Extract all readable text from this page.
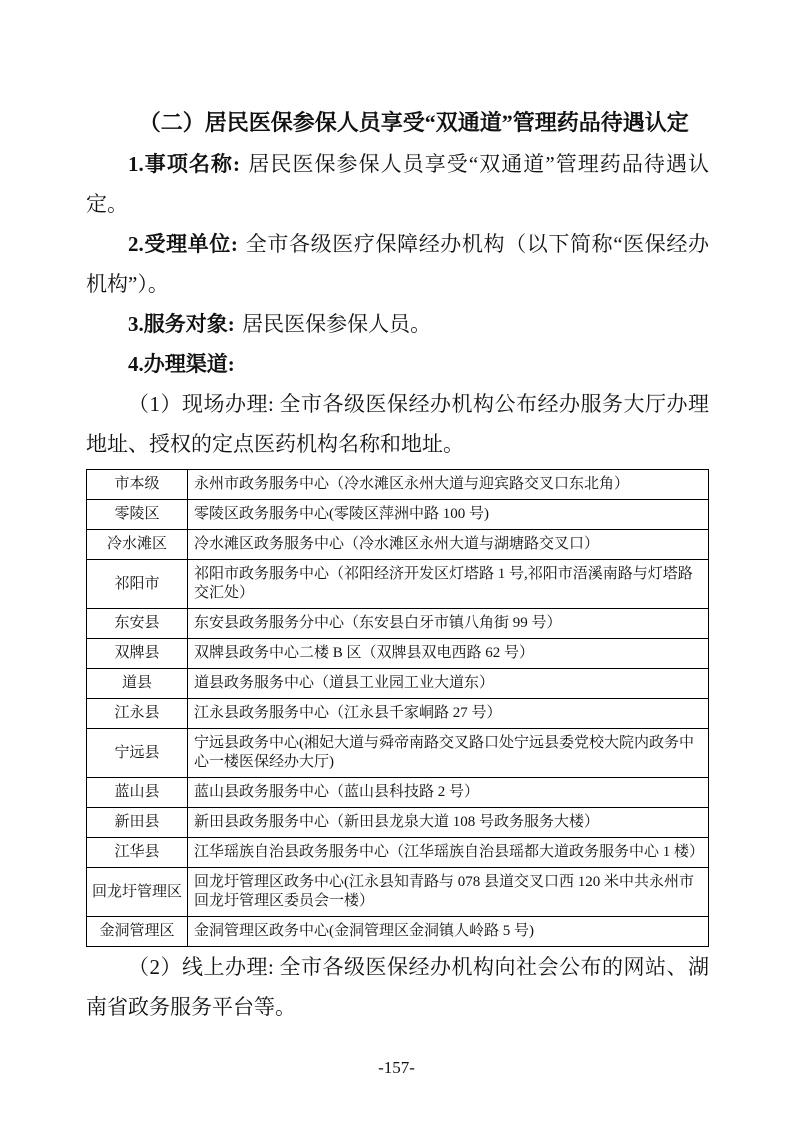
（二）居民医保参保人员享受“双通道”管理药品待遇认定

1.事项名称: 居民医保参保人员享受“双通道”管理药品待遇认定。

2.受理单位: 全市各级医疗保障经办机构（以下简称“医保经办机构”）。

3.服务对象: 居民医保参保人员。

4.办理渠道:

（1）现场办理: 全市各级医保经办机构公布经办服务大厅办理地址、授权的定点医药机构名称和地址。

市本级	永州市政务服务中心（冷水滩区永州大道与迎宾路交叉口东北角）
零陵区	零陵区政务服务中心(零陵区萍洲中路 100 号)
冷水滩区	冷水滩区政务服务中心（冷水滩区永州大道与湖塘路交叉口）
祁阳市	祁阳市政务服务中心（祁阳经济开发区灯塔路 1 号,祁阳市浯溪南路与灯塔路交汇处）
东安县	东安县政务服务分中心（东安县白牙市镇八角街 99 号）
双牌县	双牌县政务中心二楼 B 区（双牌县双电西路 62 号）
道县	道县政务服务中心（道县工业园工业大道东）
江永县	江永县政务服务中心（江永县千家峒路 27 号）
宁远县	宁远县政务中心(湘妃大道与舜帝南路交叉路口处宁远县委党校大院内政务中心一楼医保经办大厅)
蓝山县	蓝山县政务服务中心（蓝山县科技路 2 号）
新田县	新田县政务服务中心（新田县龙泉大道 108 号政务服务大楼）
江华县	江华瑶族自治县政务服务中心（江华瑶族自治县瑶都大道政务服务中心 1 楼）
回龙圩管理区	回龙圩管理区政务中心(江永县知青路与 078 县道交叉口西 120 米中共永州市回龙圩管理区委员会一楼）
金洞管理区	金洞管理区政务中心(金洞管理区金洞镇人岭路 5 号)

（2）线上办理: 全市各级医保经办机构向社会公布的网站、湖南省政务服务平台等。

-157-
